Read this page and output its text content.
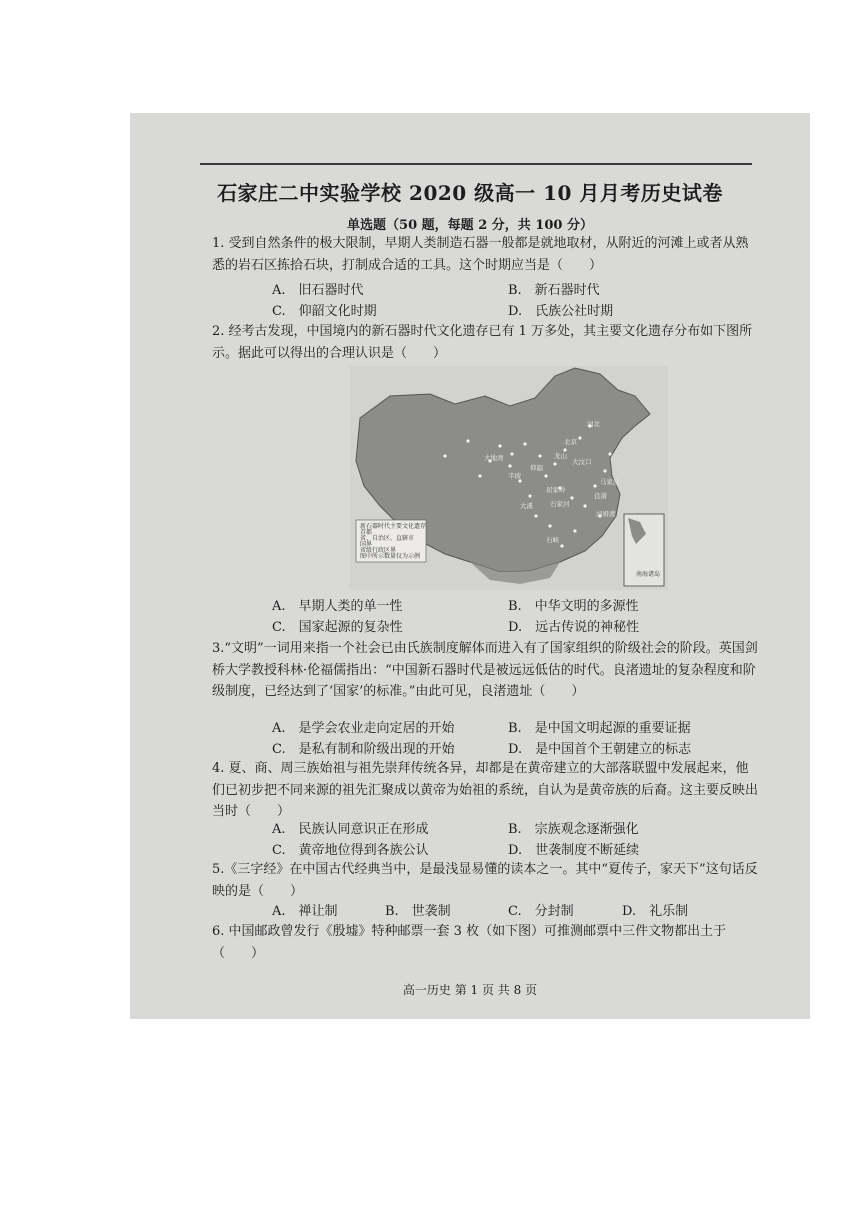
石家庄二中实验学校 2020 级高一 10 月月考历史试卷
单选题（50 题，每题 2 分，共 100 分）
1. 受到自然条件的极大限制，早期人类制造石器一般都是就地取材，从附近的河滩上或者从熟悉的岩石区拣拾石块，打制成合适的工具。这个时期应当是（　　）
A.　旧石器时代	B.　新石器时代
C.　仰韶文化时期	D.　氏族公社时期
2. 经考古发现，中国境内的新石器时代文化遗存已有 1 万多处，其主要文化遗存分布如下图所示。据此可以得出的合理认识是（　　）
河北
北京
大汶口
龙山
仰韶
大地湾
良渚
屈家岭
河姆渡
大溪
马家浜
半坡
石峡
石家河
新石器时代主要文化遗存
首都
省、自治区、直辖市
国界
省级行政区界
图中所示数量仅为示例
南海诸岛
A.　早期人类的单一性	B.　中华文明的多源性
C.　国家起源的复杂性	D.　远古传说的神秘性
3.“文明”一词用来指一个社会已由氏族制度解体而进入有了国家组织的阶级社会的阶段。英国剑桥大学教授科林·伦福儒指出：“中国新石器时代是被远远低估的时代。良渚遗址的复杂程度和阶级制度，已经达到了‘国家’的标准。”由此可见，良渚遗址（　　）
A.　是学会农业走向定居的开始	B.　是中国文明起源的重要证据
C.　是私有制和阶级出现的开始	D.　是中国首个王朝建立的标志
4. 夏、商、周三族始祖与祖先崇拜传统各异，却都是在黄帝建立的大部落联盟中发展起来，他们已初步把不同来源的祖先汇聚成以黄帝为始祖的系统，自认为是黄帝族的后裔。这主要反映出当时（　　）
A.　民族认同意识正在形成	B.　宗族观念逐渐强化
C.　黄帝地位得到各族公认	D.　世袭制度不断延续
5.《三字经》在中国古代经典当中，是最浅显易懂的读本之一。其中“夏传子，家天下”这句话反映的是（　　）
A.　禅让制	B.　世袭制	C.　分封制	D.　礼乐制
6. 中国邮政曾发行《殷墟》特种邮票一套 3 枚（如下图）可推测邮票中三件文物都出土于（　　）
高一历史 第 1 页 共 8 页
